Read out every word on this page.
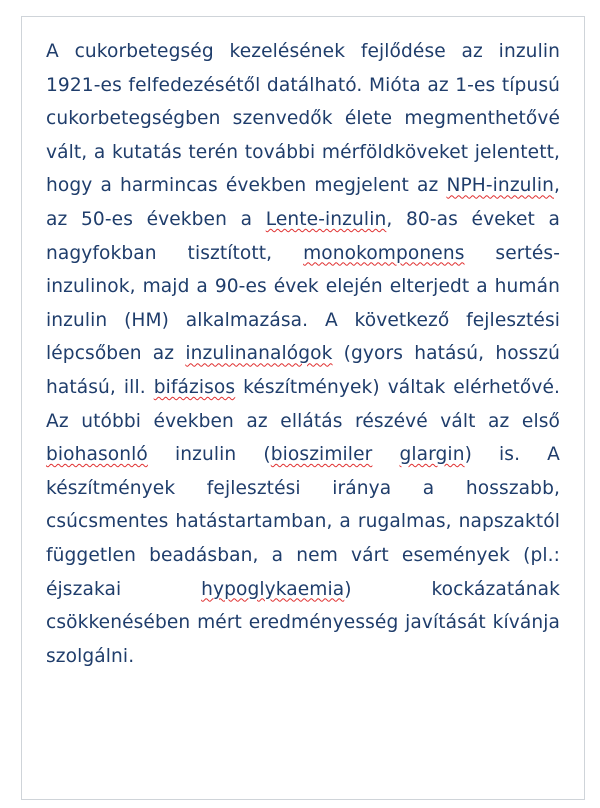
A cukorbetegség kezelésének fejlődése az inzulin 1921-es felfedezésétől datálható. Mióta az 1-es típusú cukorbetegségben szenvedők élete megmenthetővé vált, a kutatás terén további mérföldköveket jelentett, hogy a harmincas években megjelent az NPH-inzulin, az 50-es években a Lente-inzulin, 80-as éveket a nagyfokban tisztított, monokomponens sertés-inzulinok, majd a 90-es évek elején elterjedt a humán inzulin (HM) alkalmazása. A következő fejlesztési lépcsőben az inzulinanalógok (gyors hatású, hosszú hatású, ill. bifázisos készítmények) váltak elérhetővé. Az utóbbi években az ellátás részévé vált az első biohasonló inzulin (bioszimiler glargin) is. A készítmények fejlesztési iránya a hosszabb, csúcsmentes hatástartamban, a rugalmas, napszaktól független beadásban, a nem várt események (pl.: éjszakai hypoglykaemia) kockázatának csökkenésében mért eredményesség javítását kívánja szolgálni.
